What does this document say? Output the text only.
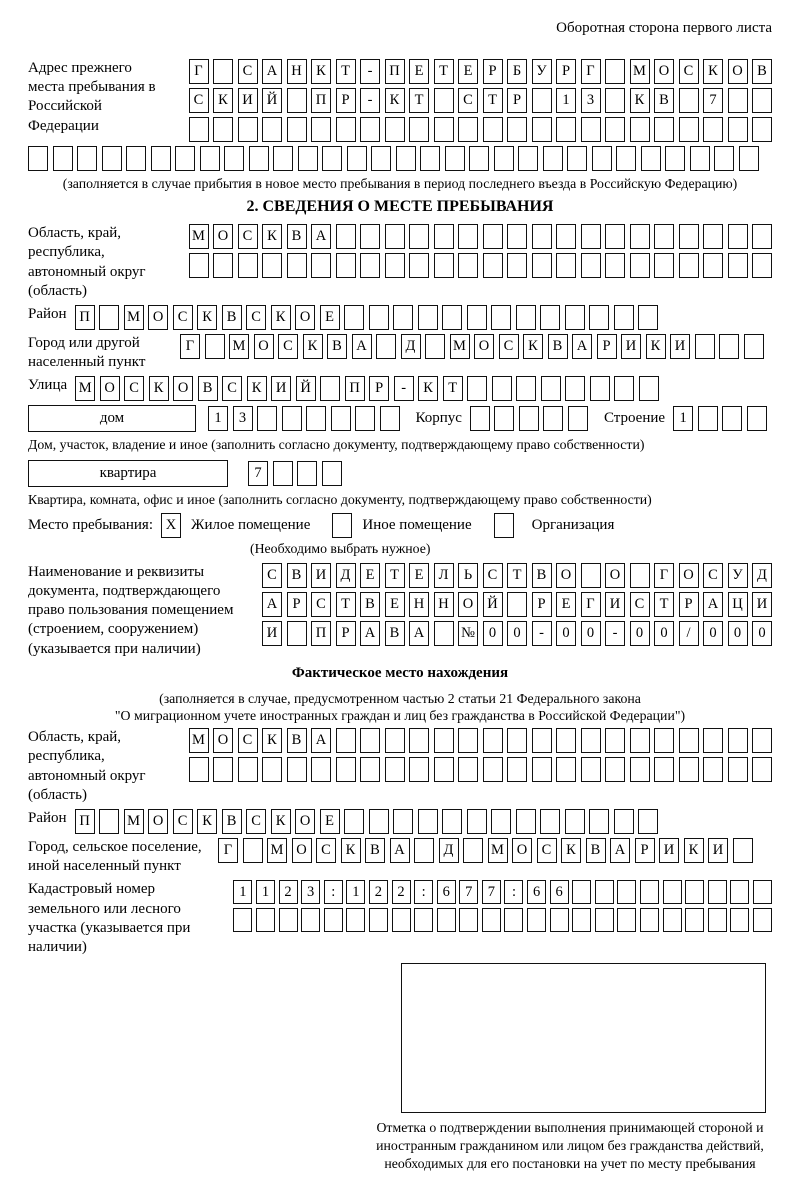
Оборотная сторона первого листа
Адрес прежнего места пребывания в Российской Федерации
Г	С А Н К	Т	-	П	Е	Т	Е	Р	Б	У	Р	Г	М О С	К О В
С	К И Й	П	Р	-	К	Т	С	Т	Р	1	3	К	В	7
(заполняется в случае прибытия в новое место пребывания в период последнего въезда в Российскую Федерацию)
2. СВЕДЕНИЯ О МЕСТЕ ПРЕБЫВАНИЯ
Область, край, республика, автономный округ (область)
М О С	К	В А
Район П	М О С	К	В	С	К О	Е
Город или другой населенный пункт
Г	М О С	К	В А	Д	М О С	К	В А	Р	И К И
Улица М О С	К О В	С	К И Й	П	Р	-	К	Т
дом	1	3	Корпус	Строение 1
Дом, участок, владение и иное (заполнить согласно документу, подтверждающему право собственности)
квартира	7
Квартира, комната, офис и иное (заполнить согласно документу, подтверждающему право собственности)
Место пребывания: X Жилое помещение	Иное помещение	Организация
(Необходимо выбрать нужное)
Наименование и реквизиты документа, подтверждающего право пользования помещением (строением, сооружением) (указывается при наличии)
С	В И Д	Е	Т	Е	Л	Ь	С	Т	В О	О	Г	О С	У Д
А	Р	С	Т	В	Е	Н Н О Й	Р	Е	Г	И С	Т	Р	А Ц И
И	П	Р	А В А	№ 0	0	-	0	0	-	0	0	/	0	0	0
Фактическое место нахождения
(заполняется в случае, предусмотренном частью 2 статьи 21 Федерального закона
"О миграционном учете иностранных граждан и лиц без гражданства в Российской Федерации")
Область, край, республика, автономный округ (область)
М О С	К	В А
Район П	М О С	К	В	С	К О	Е
Город, сельское поселение, иной населенный пункт
Г	М О С	К	В А	Д	М О С	К	В А	Р	И К И
Кадастровый номер земельного или лесного участка (указывается при наличии)
1	1	2	3	:	1	2	2	:	6	7	7	:	6	6
Отметка о подтверждении выполнения принимающей стороной и иностранным гражданином или лицом без гражданства действий, необходимых для его постановки на учет по месту пребывания
